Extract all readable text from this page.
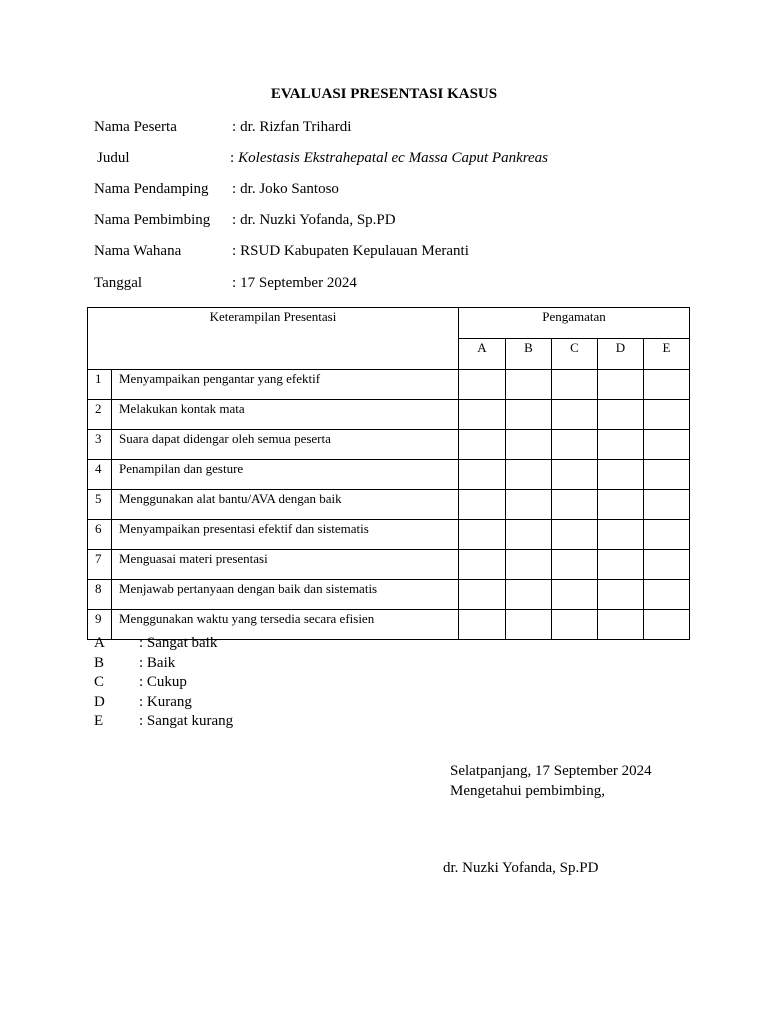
EVALUASI PRESENTASI KASUS
Nama Peserta	: dr. Rizfan Trihardi
Judul	: Kolestasis Ekstrahepatal ec Massa Caput Pankreas
Nama Pendamping : dr. Joko Santoso
Nama Pembimbing : dr. Nuzki Yofanda, Sp.PD
Nama Wahana	: RSUD Kabupaten Kepulauan Meranti
Tanggal	: 17 September 2024
Keterampilan Presentasi		Pengamatan				
		A	B	C	D	E
1	Menyampaikan pengantar yang efektif					
2	Melakukan kontak mata					
3	Suara dapat didengar oleh semua peserta					
4	Penampilan dan gesture					
5	Menggunakan alat bantu/AVA dengan baik					
6	Menyampaikan presentasi efektif dan sistematis					
7	Menguasai materi presentasi					
8	Menjawab pertanyaan dengan baik dan sistematis					
9	Menggunakan waktu yang tersedia secara efisien					
A : Sangat baik
B : Baik
C : Cukup
D : Kurang
E : Sangat kurang
Selatpanjang, 17 September 2024
Mengetahui pembimbing,
dr. Nuzki Yofanda, Sp.PD
